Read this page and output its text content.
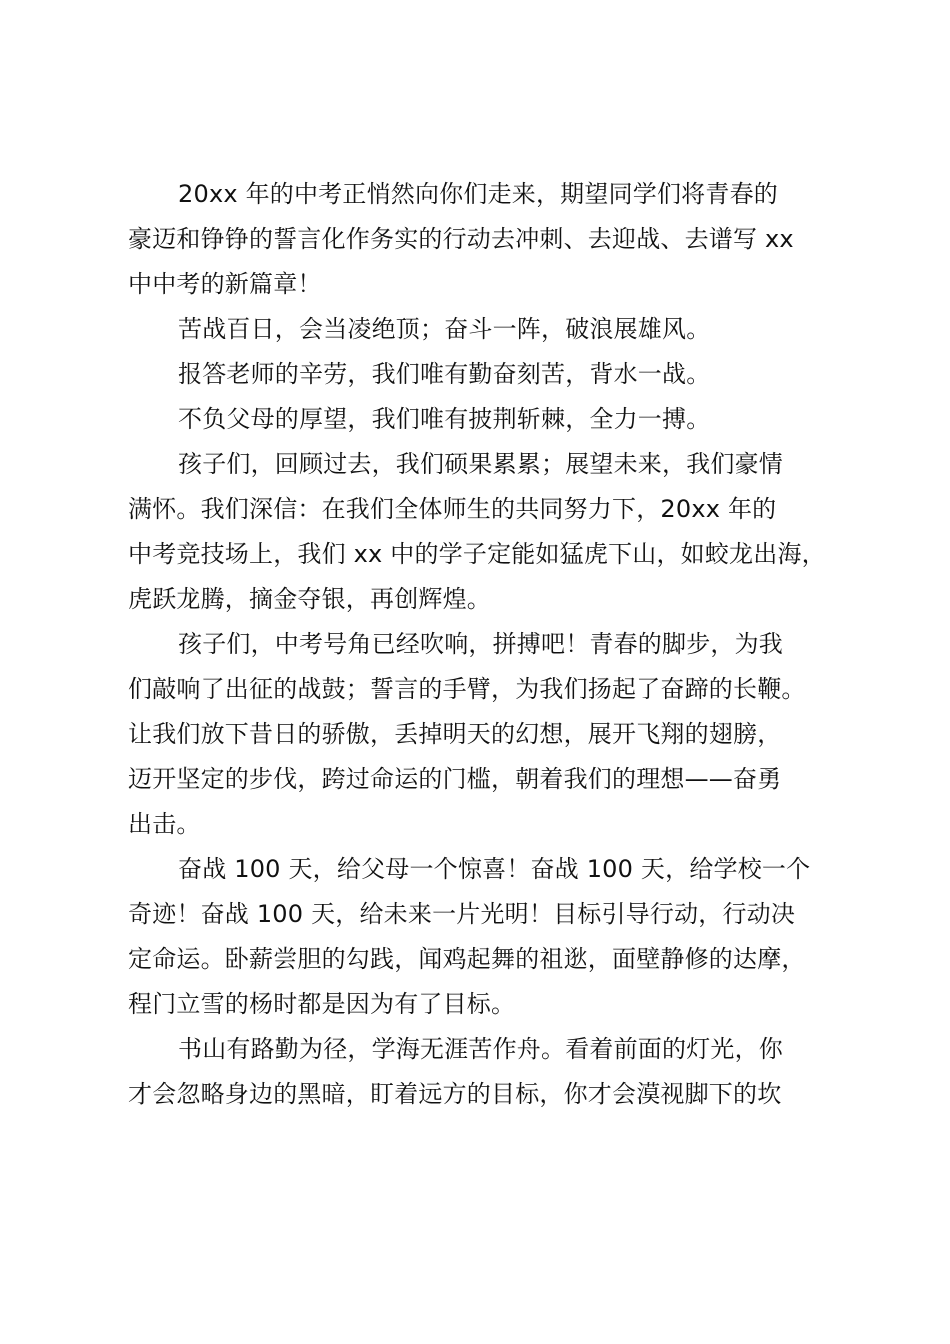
20xx 年的中考正悄然向你们走来，期望同学们将青春的
豪迈和铮铮的誓言化作务实的行动去冲刺、去迎战、去谱写 xx
中中考的新篇章！
苦战百日，会当凌绝顶；奋斗一阵，破浪展雄风。
报答老师的辛劳，我们唯有勤奋刻苦，背水一战。
不负父母的厚望，我们唯有披荆斩棘，全力一搏。
孩子们，回顾过去，我们硕果累累；展望未来，我们豪情
满怀。我们深信：在我们全体师生的共同努力下，20xx 年的
中考竞技场上，我们 xx 中的学子定能如猛虎下山，如蛟龙出海，
虎跃龙腾，摘金夺银，再创辉煌。
孩子们，中考号角已经吹响，拼搏吧！青春的脚步，为我
们敲响了出征的战鼓；誓言的手臂，为我们扬起了奋蹄的长鞭。
让我们放下昔日的骄傲，丢掉明天的幻想，展开飞翔的翅膀，
迈开坚定的步伐，跨过命运的门槛，朝着我们的理想——奋勇
出击。
奋战 100 天，给父母一个惊喜！奋战 100 天，给学校一个
奇迹！奋战 100 天，给未来一片光明！目标引导行动，行动决
定命运。卧薪尝胆的勾践，闻鸡起舞的祖逖，面壁静修的达摩，
程门立雪的杨时都是因为有了目标。
书山有路勤为径，学海无涯苦作舟。看着前面的灯光，你
才会忽略身边的黑暗，盯着远方的目标，你才会漠视脚下的坎
